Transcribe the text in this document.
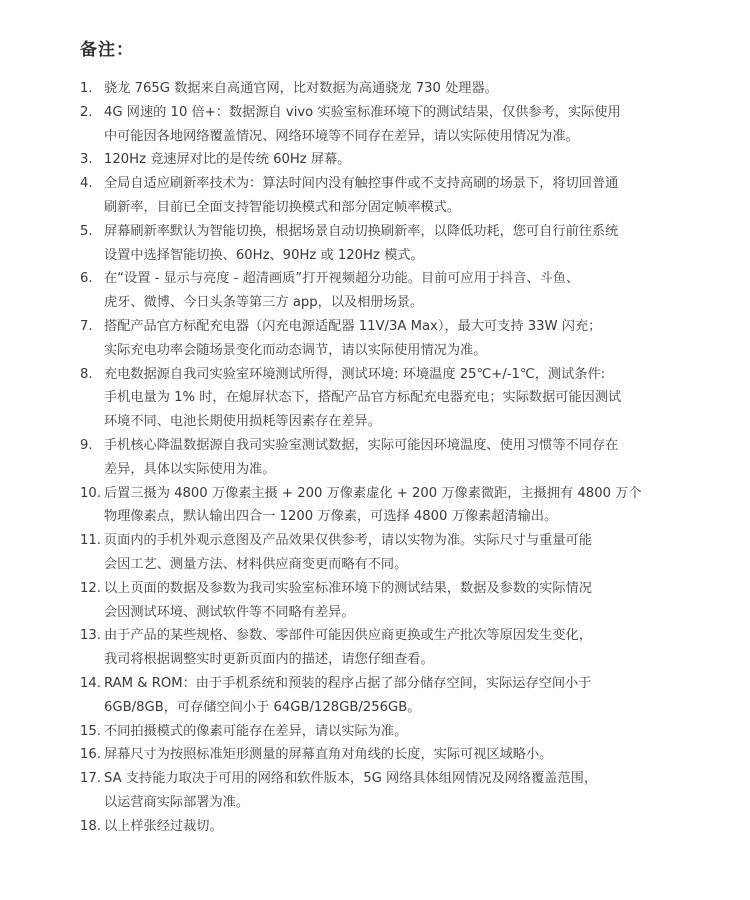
备注：
1. 骁龙 765G 数据来自高通官网，比对数据为高通骁龙 730 处理器。
2. 4G 网速的 10 倍+：数据源自 vivo 实验室标准环境下的测试结果，仅供参考，实际使用
中可能因各地网络覆盖情况、网络环境等不同存在差异，请以实际使用情况为准。
3. 120Hz 竞速屏对比的是传统 60Hz 屏幕。
4. 全局自适应刷新率技术为：算法时间内没有触控事件或不支持高刷的场景下，将切回普通
刷新率，目前已全面支持智能切换模式和部分固定帧率模式。
5. 屏幕刷新率默认为智能切换，根据场景自动切换刷新率，以降低功耗，您可自行前往系统
设置中选择智能切换、60Hz、90Hz 或 120Hz 模式。
6. 在“设置 - 显示与亮度 - 超清画质”打开视频超分功能。目前可应用于抖音、斗鱼、
虎牙、微博、今日头条等第三方 app，以及相册场景。
7. 搭配产品官方标配充电器（闪充电源适配器 11V/3A Max），最大可支持 33W 闪充；
实际充电功率会随场景变化而动态调节，请以实际使用情况为准。
8. 充电数据源自我司实验室环境测试所得，测试环境: 环境温度 25℃+/-1℃，测试条件:
手机电量为 1% 时，在熄屏状态下，搭配产品官方标配充电器充电；实际数据可能因测试
环境不同、电池长期使用损耗等因素存在差异。
9. 手机核心降温数据源自我司实验室测试数据，实际可能因环境温度、使用习惯等不同存在
差异，具体以实际使用为准。
10. 后置三摄为 4800 万像素主摄 + 200 万像素虚化 + 200 万像素微距，主摄拥有 4800 万个
物理像素点，默认输出四合一 1200 万像素，可选择 4800 万像素超清输出。
11. 页面内的手机外观示意图及产品效果仅供参考，请以实物为准。实际尺寸与重量可能
会因工艺、测量方法、材料供应商变更而略有不同。
12. 以上页面的数据及参数为我司实验室标准环境下的测试结果，数据及参数的实际情况
会因测试环境、测试软件等不同略有差异。
13. 由于产品的某些规格、参数、零部件可能因供应商更换或生产批次等原因发生变化，
我司将根据调整实时更新页面内的描述，请您仔细查看。
14. RAM & ROM：由于手机系统和预装的程序占据了部分储存空间，实际运存空间小于
6GB/8GB，可存储空间小于 64GB/128GB/256GB。
15. 不同拍摄模式的像素可能存在差异，请以实际为准。
16. 屏幕尺寸为按照标准矩形测量的屏幕直角对角线的长度，实际可视区域略小。
17. SA 支持能力取决于可用的网络和软件版本，5G 网络具体组网情况及网络覆盖范围，
以运营商实际部署为准。
18. 以上样张经过裁切。
